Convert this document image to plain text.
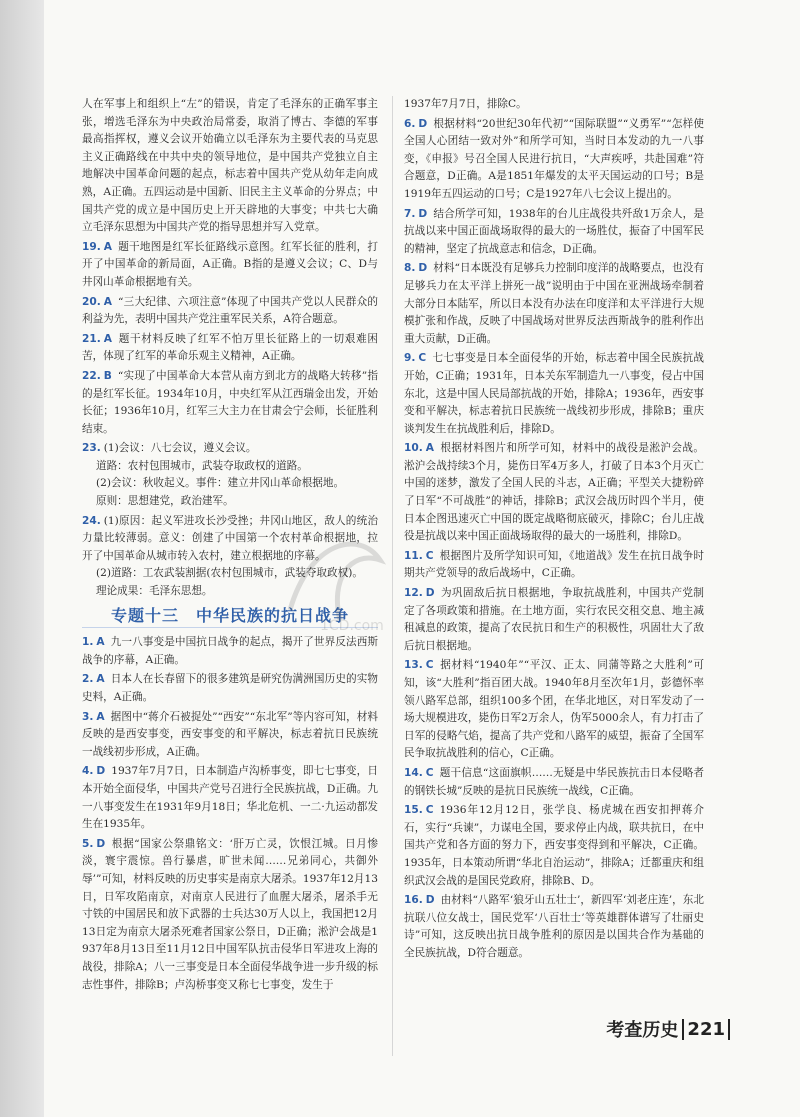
人在军事上和组织上“左”的错误，肯定了毛泽东的正确军事主张，增选毛泽东为中央政治局常委，取消了博古、李德的军事最高指挥权，遵义会议开始确立以毛泽东为主要代表的马克思主义正确路线在中共中央的领导地位，是中国共产党独立自主地解决中国革命问题的起点，标志着中国共产党从幼年走向成熟，A正确。五四运动是中国新、旧民主主义革命的分界点；中国共产党的成立是中国历史上开天辟地的大事变；中共七大确立毛泽东思想为中国共产党的指导思想并写入党章。

19. A 题干地图是红军长征路线示意图。红军长征的胜利，打开了中国革命的新局面，A正确。B指的是遵义会议；C、D与井冈山革命根据地有关。

20. A “三大纪律、六项注意”体现了中国共产党以人民群众的利益为先，表明中国共产党注重军民关系，A符合题意。

21. A 题干材料反映了红军不怕万里长征路上的一切艰难困苦，体现了红军的革命乐观主义精神，A正确。

22. B “实现了中国革命大本营从南方到北方的战略大转移”指的是红军长征。1934年10月，中央红军从江西瑞金出发，开始长征；1936年10月，红军三大主力在甘肃会宁会师，长征胜利结束。

23. (1)会议：八七会议，遵义会议。
道路：农村包围城市，武装夺取政权的道路。
(2)会议：秋收起义。事件：建立井冈山革命根据地。
原则：思想建党，政治建军。
24. (1)原因：起义军进攻长沙受挫；井冈山地区，敌人的统治力量比较薄弱。意义：创建了中国第一个农村革命根据地，拉开了中国革命从城市转入农村，建立根据地的序幕。
(2)道路：工农武装割据(农村包围城市，武装夺取政权)。
理论成果：毛泽东思想。
专题十三　中华民族的抗日战争

1. A 九一八事变是中国抗日战争的起点，揭开了世界反法西斯战争的序幕，A正确。

2. A 日本人在长春留下的很多建筑是研究伪满洲国历史的实物史料，A正确。

3. A 据图中“蒋介石被捉处”“西安”“东北军”等内容可知，材料反映的是西安事变，西安事变的和平解决，标志着抗日民族统一战线初步形成，A正确。

4. D 1937年7月7日，日本制造卢沟桥事变，即七七事变，日本开始全面侵华，中国共产党号召进行全民族抗战，D正确。九一八事变发生在1931年9月18日；华北危机、一二·九运动都发生在1935年。

5. D 根据“国家公祭鼎铭文：‘肝万亡灵，饮恨江城。日月惨淡，寰宇震惊。兽行暴虐，旷世未闻……兄弟同心，共御外辱’”可知，材料反映的历史事实是南京大屠杀。1937年12月13日，日军攻陷南京，对南京人民进行了血腥大屠杀，屠杀手无寸铁的中国居民和放下武器的士兵达30万人以上，我国把12月13日定为南京大屠杀死难者国家公祭日，D正确；淞沪会战是1937年8月13日至11月12日中国军队抗击侵华日军进攻上海的战役，排除A；八一三事变是日本全面侵华战争进一步升级的标志性事件，排除B；卢沟桥事变又称七七事变，发生于

1937年7月7日，排除C。

6. D 根据材料“20世纪30年代初”“国际联盟”“义勇军”“怎样使全国人心团结一致对外”和所学可知，当时日本发动的九一八事变，《申报》号召全国人民进行抗日，“大声疾呼，共赴国难”符合题意，D正确。A是1851年爆发的太平天国运动的口号；B是1919年五四运动的口号；C是1927年八七会议上提出的。

7. D 结合所学可知，1938年的台儿庄战役共歼敌1万余人，是抗战以来中国正面战场取得的最大的一场胜仗，振奋了中国军民的精神，坚定了抗战意志和信念，D正确。

8. D 材料“日本既没有足够兵力控制印度洋的战略要点，也没有足够兵力在太平洋上拼死一战”说明由于中国在亚洲战场牵制着大部分日本陆军，所以日本没有办法在印度洋和太平洋进行大规模扩张和作战，反映了中国战场对世界反法西斯战争的胜利作出重大贡献，D正确。

9. C 七七事变是日本全面侵华的开始，标志着中国全民族抗战开始，C正确；1931年，日本关东军制造九一八事变，侵占中国东北，这是中国人民局部抗战的开始，排除A；1936年，西安事变和平解决，标志着抗日民族统一战线初步形成，排除B；重庆谈判发生在抗战胜利后，排除D。

10. A 根据材料图片和所学可知，材料中的战役是淞沪会战。淞沪会战持续3个月，毙伤日军4万多人，打破了日本3个月灭亡中国的迷梦，激发了全国人民的斗志，A正确；平型关大捷粉碎了日军“不可战胜”的神话，排除B；武汉会战历时四个半月，使日本企图迅速灭亡中国的既定战略彻底破灭，排除C；台儿庄战役是抗战以来中国正面战场取得的最大的一场胜利，排除D。

11. C 根据图片及所学知识可知，《地道战》发生在抗日战争时期共产党领导的敌后战场中，C正确。

12. D 为巩固敌后抗日根据地，争取抗战胜利，中国共产党制定了各项政策和措施。在土地方面，实行农民交租交息、地主减租减息的政策，提高了农民抗日和生产的积极性，巩固壮大了敌后抗日根据地。

13. C 据材料“1940年”“平汉、正太、同蒲等路之大胜利”可知，该“大胜利”指百团大战。1940年8月至次年1月，彭德怀率领八路军总部，组织100多个团，在华北地区，对日军发动了一场大规模进攻，毙伤日军2万余人，伪军5000余人，有力打击了日军的侵略气焰，提高了共产党和八路军的威望，振奋了全国军民争取抗战胜利的信心，C正确。

14. C 题干信息“这面旗帜……无疑是中华民族抗击日本侵略者的钢铁长城”反映的是抗日民族统一战线，C正确。

15. C 1936年12月12日，张学良、杨虎城在西安扣押蒋介石，实行“兵谏”，力谋电全国，要求停止内战，联共抗日，在中国共产党和各方面的努力下，西安事变得到和平解决，C正确。1935年，日本策动所谓“华北自治运动”，排除A；迁都重庆和组织武汉会战的是国民党政府，排除B、D。

16. D 由材料“八路军‘狼牙山五壮士’，新四军‘刘老庄连’，东北抗联八位女战士，国民党军‘八百壮士’等英雄群体谱写了壮丽史诗”可知，这反映出抗日战争胜利的原因是以国共合作为基础的全民族抗战，D符合题意。

考查历史 221
